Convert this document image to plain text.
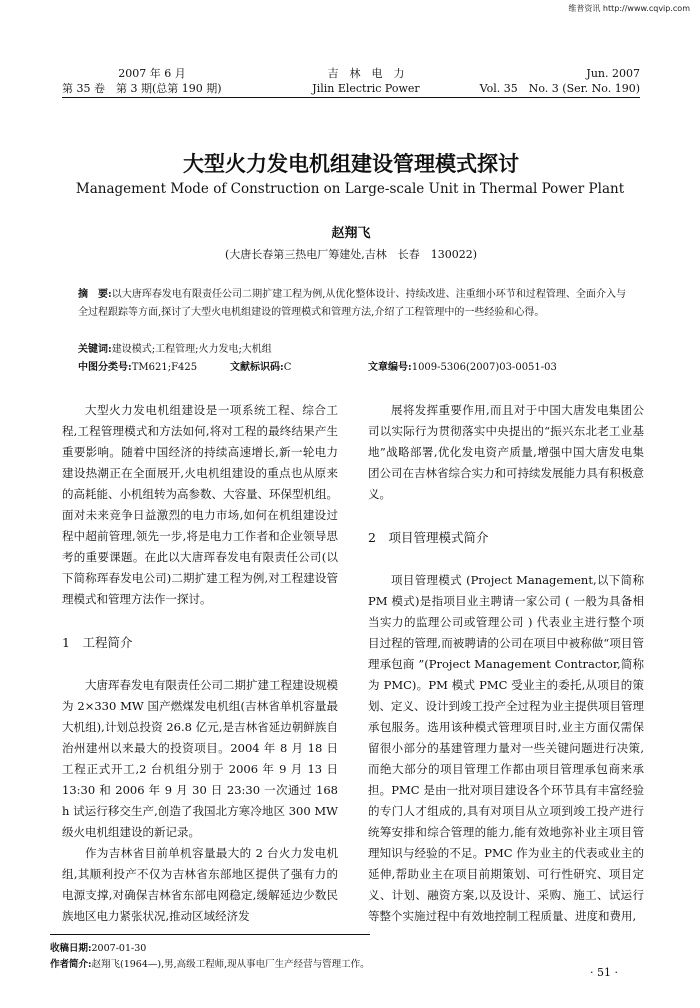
维普资讯 http://www.cqvip.com
2007 年 6 月
第 35 卷　第 3 期(总第 190 期)
吉　林　电　力
Jilin Electric Power
Jun. 2007
Vol. 35　No. 3 (Ser. No. 190)
大型火力发电机组建设管理模式探讨
Management Mode of Construction on Large-scale Unit in Thermal Power Plant
赵翔飞
(大唐长春第三热电厂筹建处,吉林　长春　130022)
摘　要:以大唐珲春发电有限责任公司二期扩建工程为例,从优化整体设计、持续改进、注重细小环节和过程管理、全面介入与全过程跟踪等方面,探讨了大型火电机组建设的管理模式和管理方法,介绍了工程管理中的一些经验和心得。
关键词:建设模式;工程管理;火力发电;大机组
中图分类号:TM621;F425	文献标识码:C	文章编号:1009-5306(2007)03-0051-03

大型火力发电机组建设是一项系统工程、综合工程,工程管理模式和方法如何,将对工程的最终结果产生重要影响。随着中国经济的持续高速增长,新一轮电力建设热潮正在全面展开,火电机组建设的重点也从原来的高耗能、小机组转为高参数、大容量、环保型机组。面对未来竞争日益激烈的电力市场,如何在机组建设过程中超前管理,领先一步,将是电力工作者和企业领导思考的重要课题。在此以大唐珲春发电有限责任公司(以下简称珲春发电公司)二期扩建工程为例,对工程建设管理模式和管理方法作一探讨。

1　工程简介

大唐珲春发电有限责任公司二期扩建工程建设规模为 2×330 MW 国产燃煤发电机组(吉林省单机容量最大机组),计划总投资 26.8 亿元,是吉林省延边朝鲜族自治州建州以来最大的投资项目。2004 年 8 月 18 日工程正式开工,2 台机组分别于 2006 年 9 月 13 日 13:30 和 2006 年 9 月 30 日 23:30 一次通过 168 h 试运行移交生产,创造了我国北方寒冷地区 300 MW 级火电机组建设的新记录。

作为吉林省目前单机容量最大的 2 台火力发电机组,其顺利投产不仅为吉林省东部地区提供了强有力的电源支撑,对确保吉林省东部电网稳定,缓解延边少数民族地区电力紧张状况,推动区域经济发

展将发挥重要作用,而且对于中国大唐发电集团公司以实际行为贯彻落实中央提出的“振兴东北老工业基地”战略部署,优化发电资产质量,增强中国大唐发电集团公司在吉林省综合实力和可持续发展能力具有积极意义。

2　项目管理模式简介

项目管理模式 (Project Management,以下简称 PM 模式)是指项目业主聘请一家公司 ( 一般为具备相当实力的监理公司或管理公司 ) 代表业主进行整个项目过程的管理,而被聘请的公司在项目中被称做“项目管理承包商 ”(Project Management Contractor,简称为 PMC)。PM 模式 PMC 受业主的委托,从项目的策划、定义、设计到竣工投产全过程为业主提供项目管理承包服务。选用该种模式管理项目时,业主方面仅需保留很小部分的基建管理力量对一些关键问题进行决策,而绝大部分的项目管理工作都由项目管理承包商来承担。PMC 是由一批对项目建设各个环节具有丰富经验的专门人才组成的,具有对项目从立项到竣工投产进行统筹安排和综合管理的能力,能有效地弥补业主项目管理知识与经验的不足。PMC 作为业主的代表或业主的延伸,帮助业主在项目前期策划、可行性研究、项目定义、计划、融资方案,以及设计、采购、施工、试运行等整个实施过程中有效地控制工程质量、进度和费用,

收稿日期:2007-01-30
作者简介:赵翔飞(1964—),男,高级工程师,现从事电厂生产经营与管理工作。
· 51 ·
